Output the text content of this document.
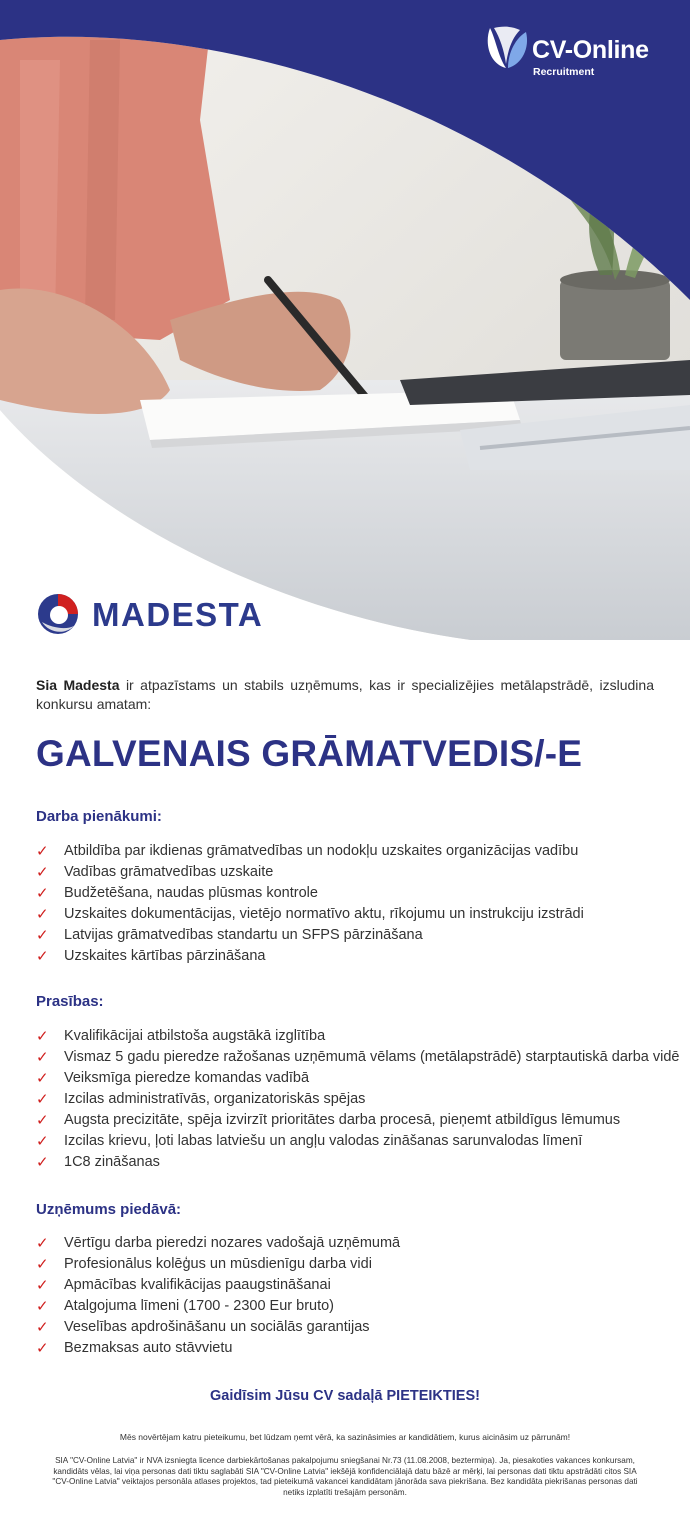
CV-Online
Recruitment
MADESTA
Sia Madesta ir atpazīstams un stabils uzņēmums, kas ir specializējies metālapstrādē, izsludina konkursu amatam:
GALVENAIS GRĀMATVEDIS/-E
Darba pienākumi:
✓ Atbildība par ikdienas grāmatvedības un nodokļu uzskaites organizācijas vadību
✓ Vadības grāmatvedības uzskaite
✓ Budžetēšana, naudas plūsmas kontrole
✓ Uzskaites dokumentācijas, vietējo normatīvo aktu, rīkojumu un instrukciju izstrādi
✓ Latvijas grāmatvedības standartu un SFPS pārzināšana
✓ Uzskaites kārtības pārzināšana
Prasības:
✓ Kvalifikācijai atbilstoša augstākā izglītība
✓ Vismaz 5 gadu pieredze ražošanas uzņēmumā vēlams (metālapstrādē) starptautiskā darba vidē
✓ Veiksmīga pieredze komandas vadībā
✓ Izcilas administratīvās, organizatoriskās spējas
✓ Augsta precizitāte, spēja izvirzīt prioritātes darba procesā, pieņemt atbildīgus lēmumus
✓ Izcilas krievu, ļoti labas latviešu un angļu valodas zināšanas sarunvalodas līmenī
✓ 1C8 zināšanas
Uzņēmums piedāvā:
✓ Vērtīgu darba pieredzi nozares vadošajā uzņēmumā
✓ Profesionālus kolēģus un mūsdienīgu darba vidi
✓ Apmācības kvalifikācijas paaugstināšanai
✓ Atalgojuma līmeni (1700 - 2300 Eur bruto)
✓ Veselības apdrošināšanu un sociālās garantijas
✓ Bezmaksas auto stāvvietu
Gaidīsim Jūsu CV sadaļā PIETEIKTIES!
Mēs novērtējam katru pieteikumu, bet lūdzam ņemt vērā, ka sazināsimies ar kandidātiem, kurus aicināsim uz pārrunām!
SIA "CV-Online Latvia" ir NVA izsniegta licence darbiekārtošanas pakalpojumu sniegšanai Nr.73 (11.08.2008, beztermiņa). Ja, piesakoties vakances konkursam, kandidāts vēlas, lai viņa personas dati tiktu saglabāti SIA "CV-Online Latvia" iekšējā konfidenciālajā datu bāzē ar mērķi, lai personas dati tiktu apstrādāti citos SIA "CV-Online Latvia" veiktajos personāla atlases projektos, tad pieteikumā vakancei kandidātam jānorāda sava piekrišana. Bez kandidāta piekrišanas personas dati netiks izplatīti trešajām personām.
